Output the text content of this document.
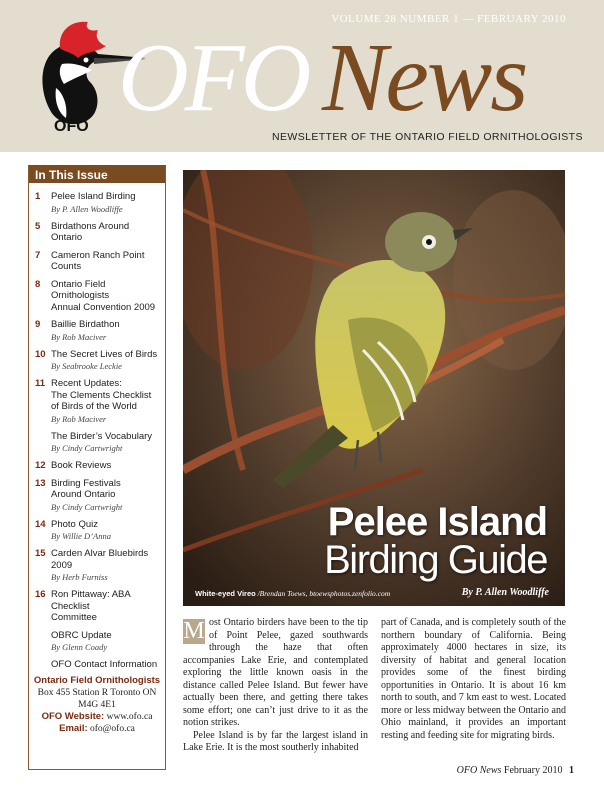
VOLUME 28 NUMBER 1 — FEBRUARY 2010
OFO OFO News
NEWSLETTER OF THE ONTARIO FIELD ORNITHOLOGISTS
In This Issue
1	Pelee Island Birding
By P. Allen Woodliffe
5	Birdathons Around Ontario
7	Cameron Ranch Point Counts
8	Ontario Field Ornithologists
Annual Convention 2009
9	Baillie Birdathon
By Rob Maciver
10 The Secret Lives of Birds
By Seabrooke Leckie
11 Recent Updates:
The Clements Checklist
of Birds of the World
By Rob Maciver
The Birder’s Vocabulary
By Cindy Cartwright
12 Book Reviews
13 Birding Festivals
Around Ontario
By Cindy Cartwright
14 Photo Quiz
By Willie D’Anna
15 Carden Alvar Bluebirds 2009
By Herb Furniss
16 Ron Pittaway: ABA Checklist
Committee
OBRC Update
By Glenn Coady
OFO Contact Information
Ontario Field Ornithologists
Box 455 Station R Toronto ON M4G 4E1
OFO Website: www.ofo.ca
Email: ofo@ofo.ca
Pelee Island
Birding Guide
White-eyed Vireo /Brendan Toews, btoewsphotos.zenfolio.com	By P. Allen Woodliffe

M ost Ontario birders have been to the tip of Point Pelee, gazed southwards through the haze that often accompanies Lake Erie, and contemplated exploring the little known oasis in the distance called Pelee Island. But fewer have actually been there, and getting there takes some effort; one can’t just drive to it as the notion strikes.

Pelee Island is by far the largest island in Lake Erie. It is the most southerly inhabited

part of Canada, and is completely south of the northern boundary of California. Being approximately 4000 hectares in size, its diversity of habitat and general location provides some of the finest birding opportunities in Ontario. It is about 16 km north to south, and 7 km east to west. Located more or less midway between the Ontario and Ohio mainland, it provides an important resting and feeding site for migrating birds.

OFO News February 2010 1
